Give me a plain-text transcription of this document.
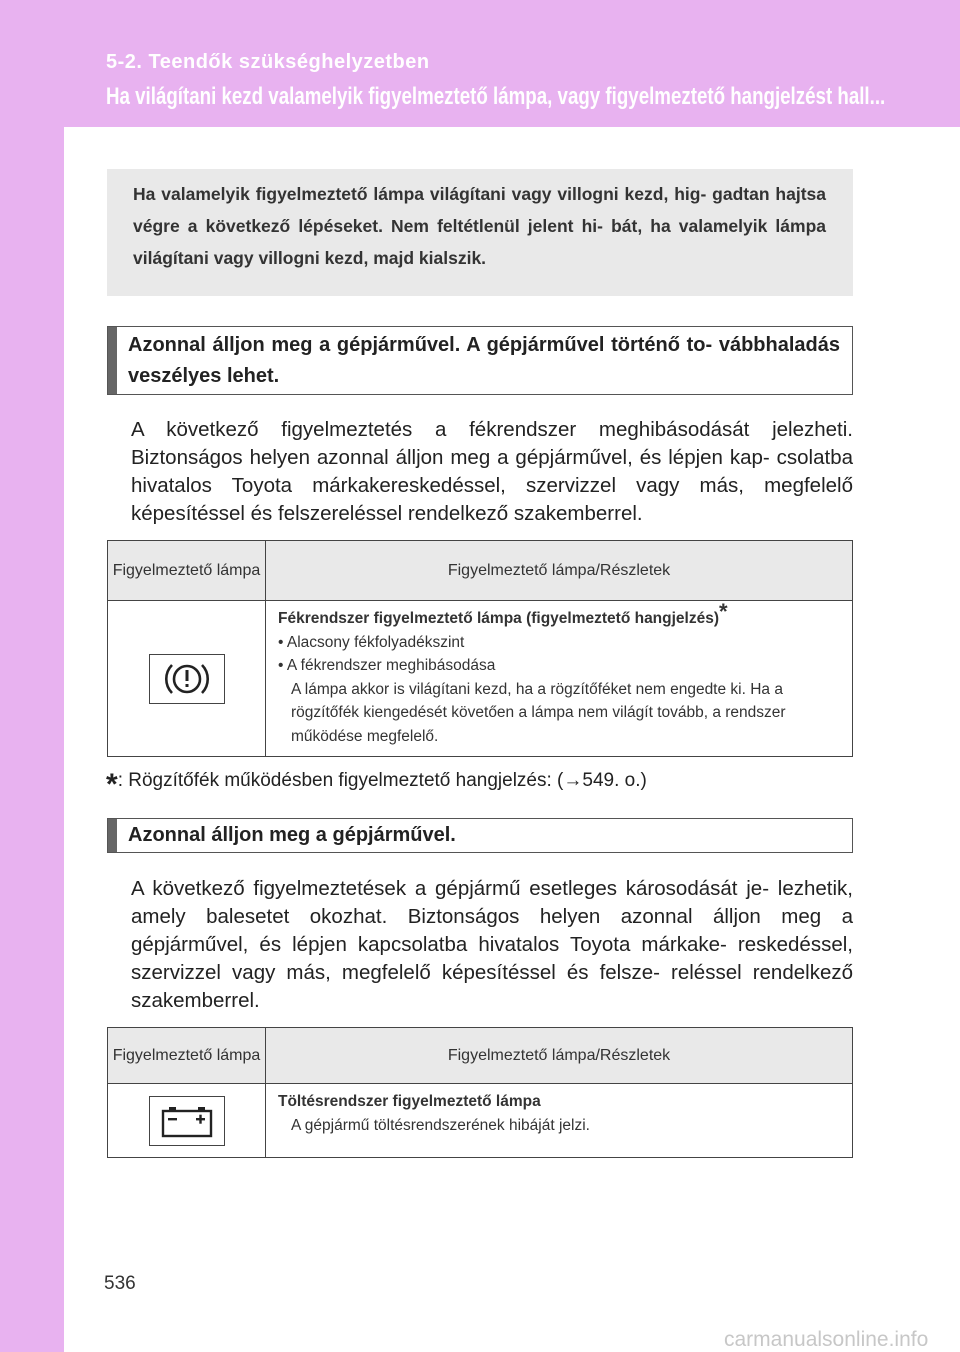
5-2. Teendők szükséghelyzetben
Ha világítani kezd valamelyik figyelmeztető lámpa, vagy figyelmeztető hangjelzést hall...
Ha valamelyik figyelmeztető lámpa világítani vagy villogni kezd, hig- gadtan hajtsa végre a következő lépéseket. Nem feltétlenül jelent hi- bát, ha valamelyik lámpa világítani vagy villogni kezd, majd kialszik.
Azonnal álljon meg a gépjárművel. A gépjárművel történő to- vábbhaladás veszélyes lehet.
A következő figyelmeztetés a fékrendszer meghibásodását jelezheti. Biztonságos helyen azonnal álljon meg a gépjárművel, és lépjen kap- csolatba hivatalos Toyota márkakereskedéssel, szervizzel vagy más, megfelelő képesítéssel és felszereléssel rendelkező szakemberrel.
Figyelmeztető lámpa	Figyelmeztető lámpa/Részletek

Fékrendszer figyelmeztető lámpa (figyelmeztető hangjelzés)*
• Alacsony fékfolyadékszint
• A fékrendszer meghibásodása
A lámpa akkor is világítani kezd, ha a rögzítőféket nem engedte ki. Ha a rögzítőfék kiengedését követően a lámpa nem világít tovább, a rendszer működése megfelelő.
*: Rögzítőfék működésben figyelmeztető hangjelzés: (→549. o.)
Azonnal álljon meg a gépjárművel.
A következő figyelmeztetések a gépjármű esetleges károsodását je- lezhetik, amely balesetet okozhat. Biztonságos helyen azonnal álljon meg a gépjárművel, és lépjen kapcsolatba hivatalos Toyota márkake- reskedéssel, szervizzel vagy más, megfelelő képesítéssel és felsze- reléssel rendelkező szakemberrel.
Figyelmeztető lámpa	Figyelmeztető lámpa/Részletek

Töltésrendszer figyelmeztető lámpa
A gépjármű töltésrendszerének hibáját jelzi.
536
carmanualsonline.info
